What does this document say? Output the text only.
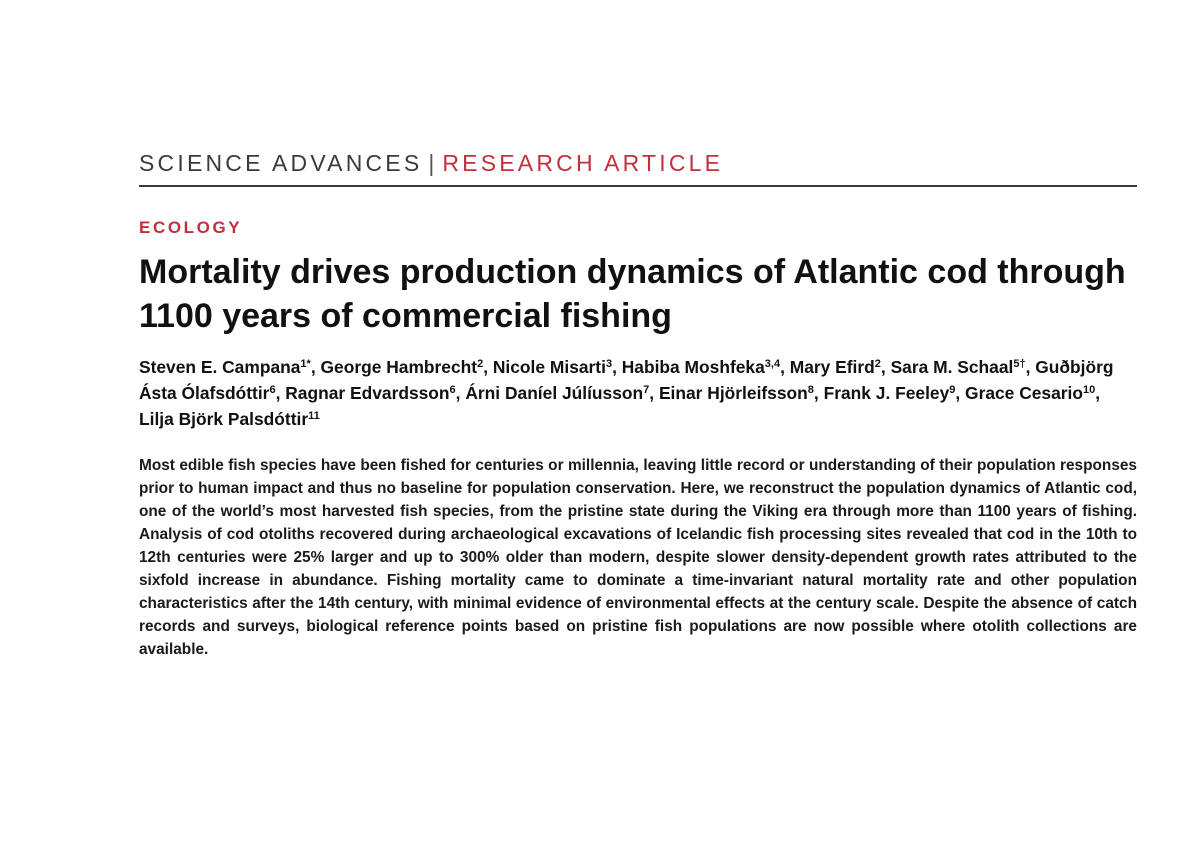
SCIENCE ADVANCES | RESEARCH ARTICLE
ECOLOGY
Mortality drives production dynamics of Atlantic cod through 1100 years of commercial fishing
Steven E. Campana$^{1*}$, George Hambrecht$^2$, Nicole Misarti$^3$, Habiba Moshfeka$^{3,4}$, Mary Efird$^2$, Sara M. Schaal$^{5\dagger}$, Guðbjörg Ásta Ólafsdóttir$^6$, Ragnar Edvardsson$^6$, Árni Daníel Júlíusson$^7$, Einar Hjörleifsson$^8$, Frank J. Feeley$^9$, Grace Cesario$^{10}$, Lilja Björk Palsdóttir$^{11}$
Most edible fish species have been fished for centuries or millennia, leaving little record or understanding of their population responses prior to human impact and thus no baseline for population conservation. Here, we reconstruct the population dynamics of Atlantic cod, one of the world’s most harvested fish species, from the pristine state during the Viking era through more than 1100 years of fishing. Analysis of cod otoliths recovered during archaeological excavations of Icelandic fish processing sites revealed that cod in the 10th to 12th centuries were 25% larger and up to 300% older than modern, despite slower density-dependent growth rates attributed to the sixfold increase in abundance. Fishing mortality came to dominate a time-invariant natural mortality rate and other population characteristics after the 14th century, with minimal evidence of environmental effects at the century scale. Despite the absence of catch records and surveys, biological reference points based on pristine fish populations are now possible where otolith collections are available.
